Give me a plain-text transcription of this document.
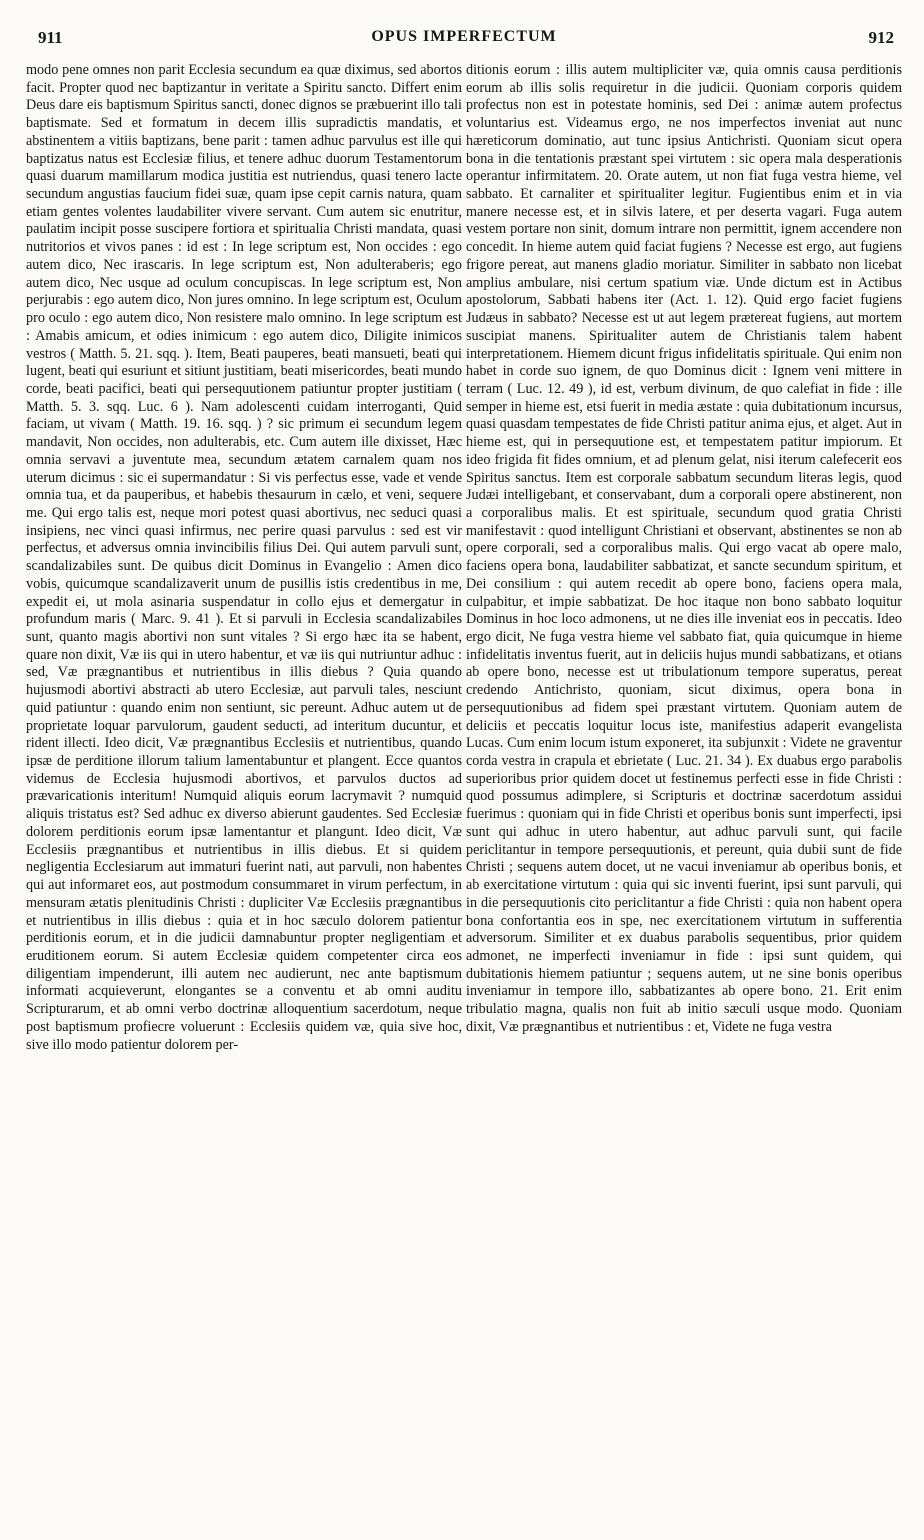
911	OPUS IMPERFECTUM	912

modo pene omnes non parit Ecclesia secundum ea quæ diximus, sed abortos facit. Propter quod nec baptizantur in veritate a Spiritu sancto. Differt enim Deus dare eis baptismum Spiritus sancti, donec dignos se præbuerint illo tali baptismate. Sed et formatum in decem illis supradictis mandatis, et abstinentem a vitiis baptizans, bene parit : tamen adhuc parvulus est ille qui baptizatus natus est Ecclesiæ filius, et tenere adhuc duorum Testamentorum quasi duarum mamillarum modica justitia est nutriendus, quasi tenero lacte secundum angustias faucium fidei suæ, quam ipse cepit carnis natura, quam etiam gentes volentes laudabiliter vivere servant. Cum autem sic enutritur, paulatim incipit posse suscipere fortiora et spiritualia Christi mandata, quasi nutritorios et vivos panes : id est : In lege scriptum est, Non occides : ego autem dico, Nec irascaris. In lege scriptum est, Non adulteraberis; ego autem dico, Nec usque ad oculum concupiscas. In lege scriptum est, Non perjurabis : ego autem dico, Non jures omnino. In lege scriptum est, Oculum pro oculo : ego autem dico, Non resistere malo omnino. In lege scriptum est : Amabis amicum, et odies inimicum : ego autem dico, Diligite inimicos vestros ( Matth. 5. 21. sqq. ). Item, Beati pauperes, beati mansueti, beati qui lugent, beati qui esuriunt et sitiunt justitiam, beati misericordes, beati mundo corde, beati pacifici, beati qui persequutionem patiuntur propter justitiam ( Matth. 5. 3. sqq. Luc. 6 ). Nam adolescenti cuidam interroganti, Quid faciam, ut vivam ( Matth. 19. 16. sqq. ) ? sic primum ei secundum legem mandavit, Non occides, non adulterabis, etc. Cum autem ille dixisset, Hæc omnia servavi a juventute mea, secundum ætatem carnalem quam nos uterum dicimus : sic ei supermandatur : Si vis perfectus esse, vade et vende omnia tua, et da pauperibus, et habebis thesaurum in cælo, et veni, sequere me. Qui ergo talis est, neque mori potest quasi abortivus, nec seduci quasi insipiens, nec vinci quasi infirmus, nec perire quasi parvulus : sed est vir perfectus, et adversus omnia invincibilis filius Dei. Qui autem parvuli sunt, scandalizabiles sunt. De quibus dicit Dominus in Evangelio : Amen dico vobis, quicumque scandalizaverit unum de pusillis istis credentibus in me, expedit ei, ut mola asinaria suspendatur in collo ejus et demergatur in profundum maris ( Marc. 9. 41 ). Et si parvuli in Ecclesia scandalizabiles sunt, quanto magis abortivi non sunt vitales ? Si ergo hæc ita se habent, quare non dixit, Væ iis qui in utero habentur, et væ iis qui nutriuntur adhuc : sed, Væ prægnantibus et nutrientibus in illis diebus ? Quia quando hujusmodi abortivi abstracti ab utero Ecclesiæ, aut parvuli tales, nesciunt quid patiuntur : quando enim non sentiunt, sic pereunt. Adhuc autem ut de proprietate loquar parvulorum, gaudent seducti, ad interitum ducuntur, et rident illecti. Ideo dicit, Væ prægnantibus Ecclesiis et nutrientibus, quando ipsæ de perditione illorum talium lamentabuntur et plangent. Ecce quantos videmus de Ecclesia hujusmodi abortivos, et parvulos ductos ad prævaricationis interitum! Numquid aliquis eorum lacrymavit ? numquid aliquis tristatus est? Sed adhuc ex diverso abierunt gaudentes. Sed Ecclesiæ dolorem perditionis eorum ipsæ lamentantur et plangunt. Ideo dicit, Væ Ecclesiis prægnantibus et nutrientibus in illis diebus. Et si quidem negligentia Ecclesiarum aut immaturi fuerint nati, aut parvuli, non habentes qui aut informaret eos, aut postmodum consummaret in virum perfectum, in mensuram ætatis plenitudinis Christi : dupliciter Væ Ecclesiis prægnantibus et nutrientibus in illis diebus : quia et in hoc sæculo dolorem patientur perditionis eorum, et in die judicii damnabuntur propter negligentiam et eruditionem eorum. Si autem Ecclesiæ quidem competenter circa eos diligentiam impenderunt, illi autem nec audierunt, nec ante baptismum informati acquieverunt, elongantes se a conventu et ab omni auditu Scripturarum, et ab omni verbo doctrinæ alloquentium sacerdotum, neque post baptismum profiecre voluerunt : Ecclesiis quidem væ, quia sive hoc, sive illo modo patientur dolorem per-

ditionis eorum : illis autem multipliciter væ, quia omnis causa perditionis eorum ab illis solis requiretur in die judicii. Quoniam corporis quidem profectus non est in potestate hominis, sed Dei : animæ autem profectus voluntarius est. Videamus ergo, ne nos imperfectos inveniat aut nunc hæreticorum dominatio, aut tunc ipsius Antichristi. Quoniam sicut opera bona in die tentationis præstant spei virtutem : sic opera mala desperationis operantur infirmitatem. 20. Orate autem, ut non fiat fuga vestra hieme, vel sabbato. Et carnaliter et spiritualiter legitur. Fugientibus enim et in via manere necesse est, et in silvis latere, et per deserta vagari. Fuga autem vestem portare non sinit, domum intrare non permittit, ignem accendere non concedit. In hieme autem quid faciat fugiens ? Necesse est ergo, aut fugiens frigore pereat, aut manens gladio moriatur. Similiter in sabbato non licebat amplius ambulare, nisi certum spatium viæ. Unde dictum est in Actibus apostolorum, Sabbati habens iter (Act. 1. 12). Quid ergo faciet fugiens Judæus in sabbato? Necesse est ut aut legem prætereat fugiens, aut mortem suscipiat manens. Spiritualiter autem de Christianis talem habent interpretationem. Hiemem dicunt frigus infidelitatis spirituale. Qui enim non habet in corde suo ignem, de quo Dominus dicit : Ignem veni mittere in terram ( Luc. 12. 49 ), id est, verbum divinum, de quo calefiat in fide : ille semper in hieme est, etsi fuerit in media æstate : quia dubitationum incursus, quasi quasdam tempestates de fide Christi patitur anima ejus, et alget. Aut in hieme est, qui in persequutione est, et tempestatem patitur impiorum. Et ideo frigida fit fides omnium, et ad plenum gelat, nisi iterum calefecerit eos Spiritus sanctus. Item est corporale sabbatum secundum literas legis, quod Judæi intelligebant, et conservabant, dum a corporali opere abstinerent, non a corporalibus malis. Et est spirituale, secundum quod gratia Christi manifestavit : quod intelligunt Christiani et observant, abstinentes se non ab opere corporali, sed a corporalibus malis. Qui ergo vacat ab opere malo, faciens opera bona, laudabiliter sabbatizat, et sancte secundum spiritum, et Dei consilium : qui autem recedit ab opere bono, faciens opera mala, culpabitur, et impie sabbatizat. De hoc itaque non bono sabbato loquitur Dominus in hoc loco admonens, ut ne dies ille inveniat eos in peccatis. Ideo ergo dicit, Ne fuga vestra hieme vel sabbato fiat, quia quicumque in hieme infidelitatis inventus fuerit, aut in deliciis hujus mundi sabbatizans, et otians ab opere bono, necesse est ut tribulationum tempore superatus, pereat credendo Antichristo, quoniam, sicut diximus, opera bona in persequutionibus ad fidem spei præstant virtutem. Quoniam autem de deliciis et peccatis loquitur locus iste, manifestius adaperit evangelista Lucas. Cum enim locum istum exponeret, ita subjunxit : Videte ne graventur corda vestra in crapula et ebrietate ( Luc. 21. 34 ). Ex duabus ergo parabolis superioribus prior quidem docet ut festinemus perfecti esse in fide Christi : quod possumus adimplere, si Scripturis et doctrinæ sacerdotum assidui fuerimus : quoniam qui in fide Christi et operibus bonis sunt imperfecti, ipsi sunt qui adhuc in utero habentur, aut adhuc parvuli sunt, qui facile periclitantur in tempore persequutionis, et pereunt, quia dubii sunt de fide Christi ; sequens autem docet, ut ne vacui inveniamur ab operibus bonis, et ab exercitatione virtutum : quia qui sic inventi fuerint, ipsi sunt parvuli, qui in die persequutionis cito periclitantur a fide Christi : quia non habent opera bona confortantia eos in spe, nec exercitationem virtutum in sufferentia adversorum. Similiter et ex duabus parabolis sequentibus, prior quidem admonet, ne imperfecti inveniamur in fide : ipsi sunt quidem, qui dubitationis hiemem patiuntur ; sequens autem, ut ne sine bonis operibus inveniamur in tempore illo, sabbatizantes ab opere bono. 21. Erit enim tribulatio magna, qualis non fuit ab initio sæculi usque modo. Quoniam dixit, Væ prægnantibus et nutrientibus : et, Videte ne fuga vestra
